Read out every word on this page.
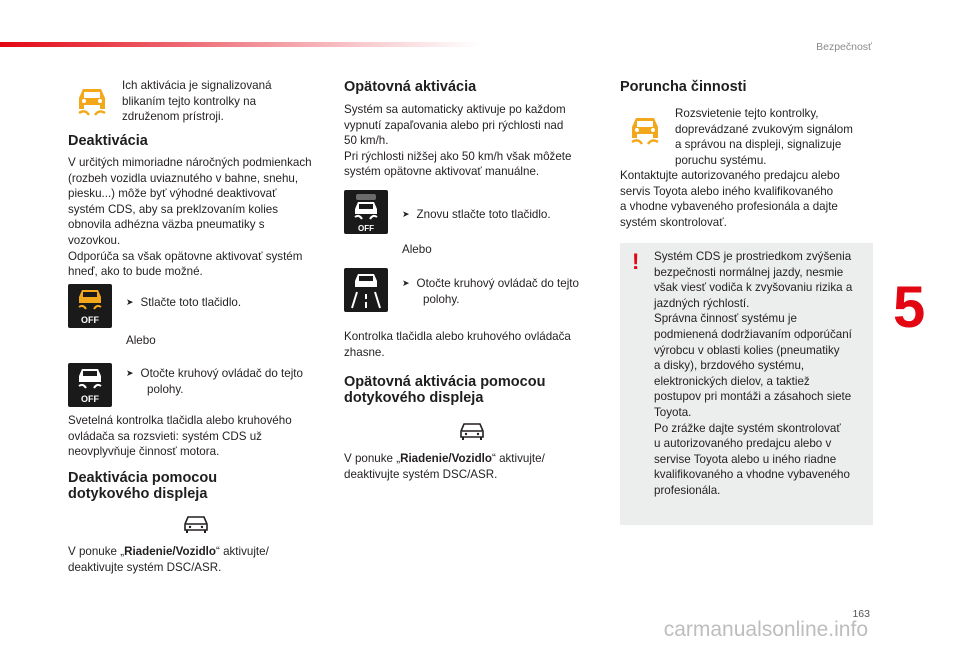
Bezpečnosť
5
163
carmanualsonline.info
Ich aktivácia je signalizovaná
blikaním tejto kontrolky na
združenom prístroji.
Deaktivácia
V určitých mimoriadne náročných podmienkach
(rozbeh vozidla uviaznutého v bahne, snehu,
piesku...) môže byť výhodné deaktivovať
systém CDS, aby sa preklzovaním kolies
obnovila adhézna väzba pneumatiky s
vozovkou.
Odporúča sa však opätovne aktivovať systém
hneď, ako to bude možné.
OFF
➤ Stlačte toto tlačidlo.
Alebo
OFF
➤ Otočte kruhový ovládač do tejto
polohy.
Svetelná kontrolka tlačidla alebo kruhového
ovládača sa rozsvieti: systém CDS už
neovplyvňuje činnosť motora.
Deaktivácia pomocou
dotykového displeja
V ponuke „Riadenie/Vozidlo“ aktivujte/
deaktivujte systém DSC/ASR.
Opätovná aktivácia
Systém sa automaticky aktivuje po každom
vypnutí zapaľovania alebo pri rýchlosti nad
50 km/h.
Pri rýchlosti nižšej ako 50 km/h však môžete
systém opätovne aktivovať manuálne.
OFF
➤ Znovu stlačte toto tlačidlo.
Alebo
➤ Otočte kruhový ovládač do tejto
polohy.
Kontrolka tlačidla alebo kruhového ovládača
zhasne.
Opätovná aktivácia pomocou
dotykového displeja
V ponuke „Riadenie/Vozidlo“ aktivujte/
deaktivujte systém DSC/ASR.
Poruncha činnosti
Rozsvietenie tejto kontrolky,
doprevádzané zvukovým signálom
a správou na displeji, signalizuje
poruchu systému.
Kontaktujte autorizovaného predajcu alebo
servis Toyota alebo iného kvalifikovaného
a vhodne vybaveného profesionála a dajte
systém skontrolovať.
! Systém CDS je prostriedkom zvýšenia
bezpečnosti normálnej jazdy, nesmie
však viesť vodiča k zvyšovaniu rizika a
jazdných rýchlostí.
Správna činnosť systému je
podmienená dodržiavaním odporúčaní
výrobcu v oblasti kolies (pneumatiky
a disky), brzdového systému,
elektronických dielov, a taktiež
postupov pri montáži a zásahoch siete
Toyota.
Po zrážke dajte systém skontrolovať
u autorizovaného predajcu alebo v
servise Toyota alebo u iného riadne
kvalifikovaného a vhodne vybaveného
profesionála.
